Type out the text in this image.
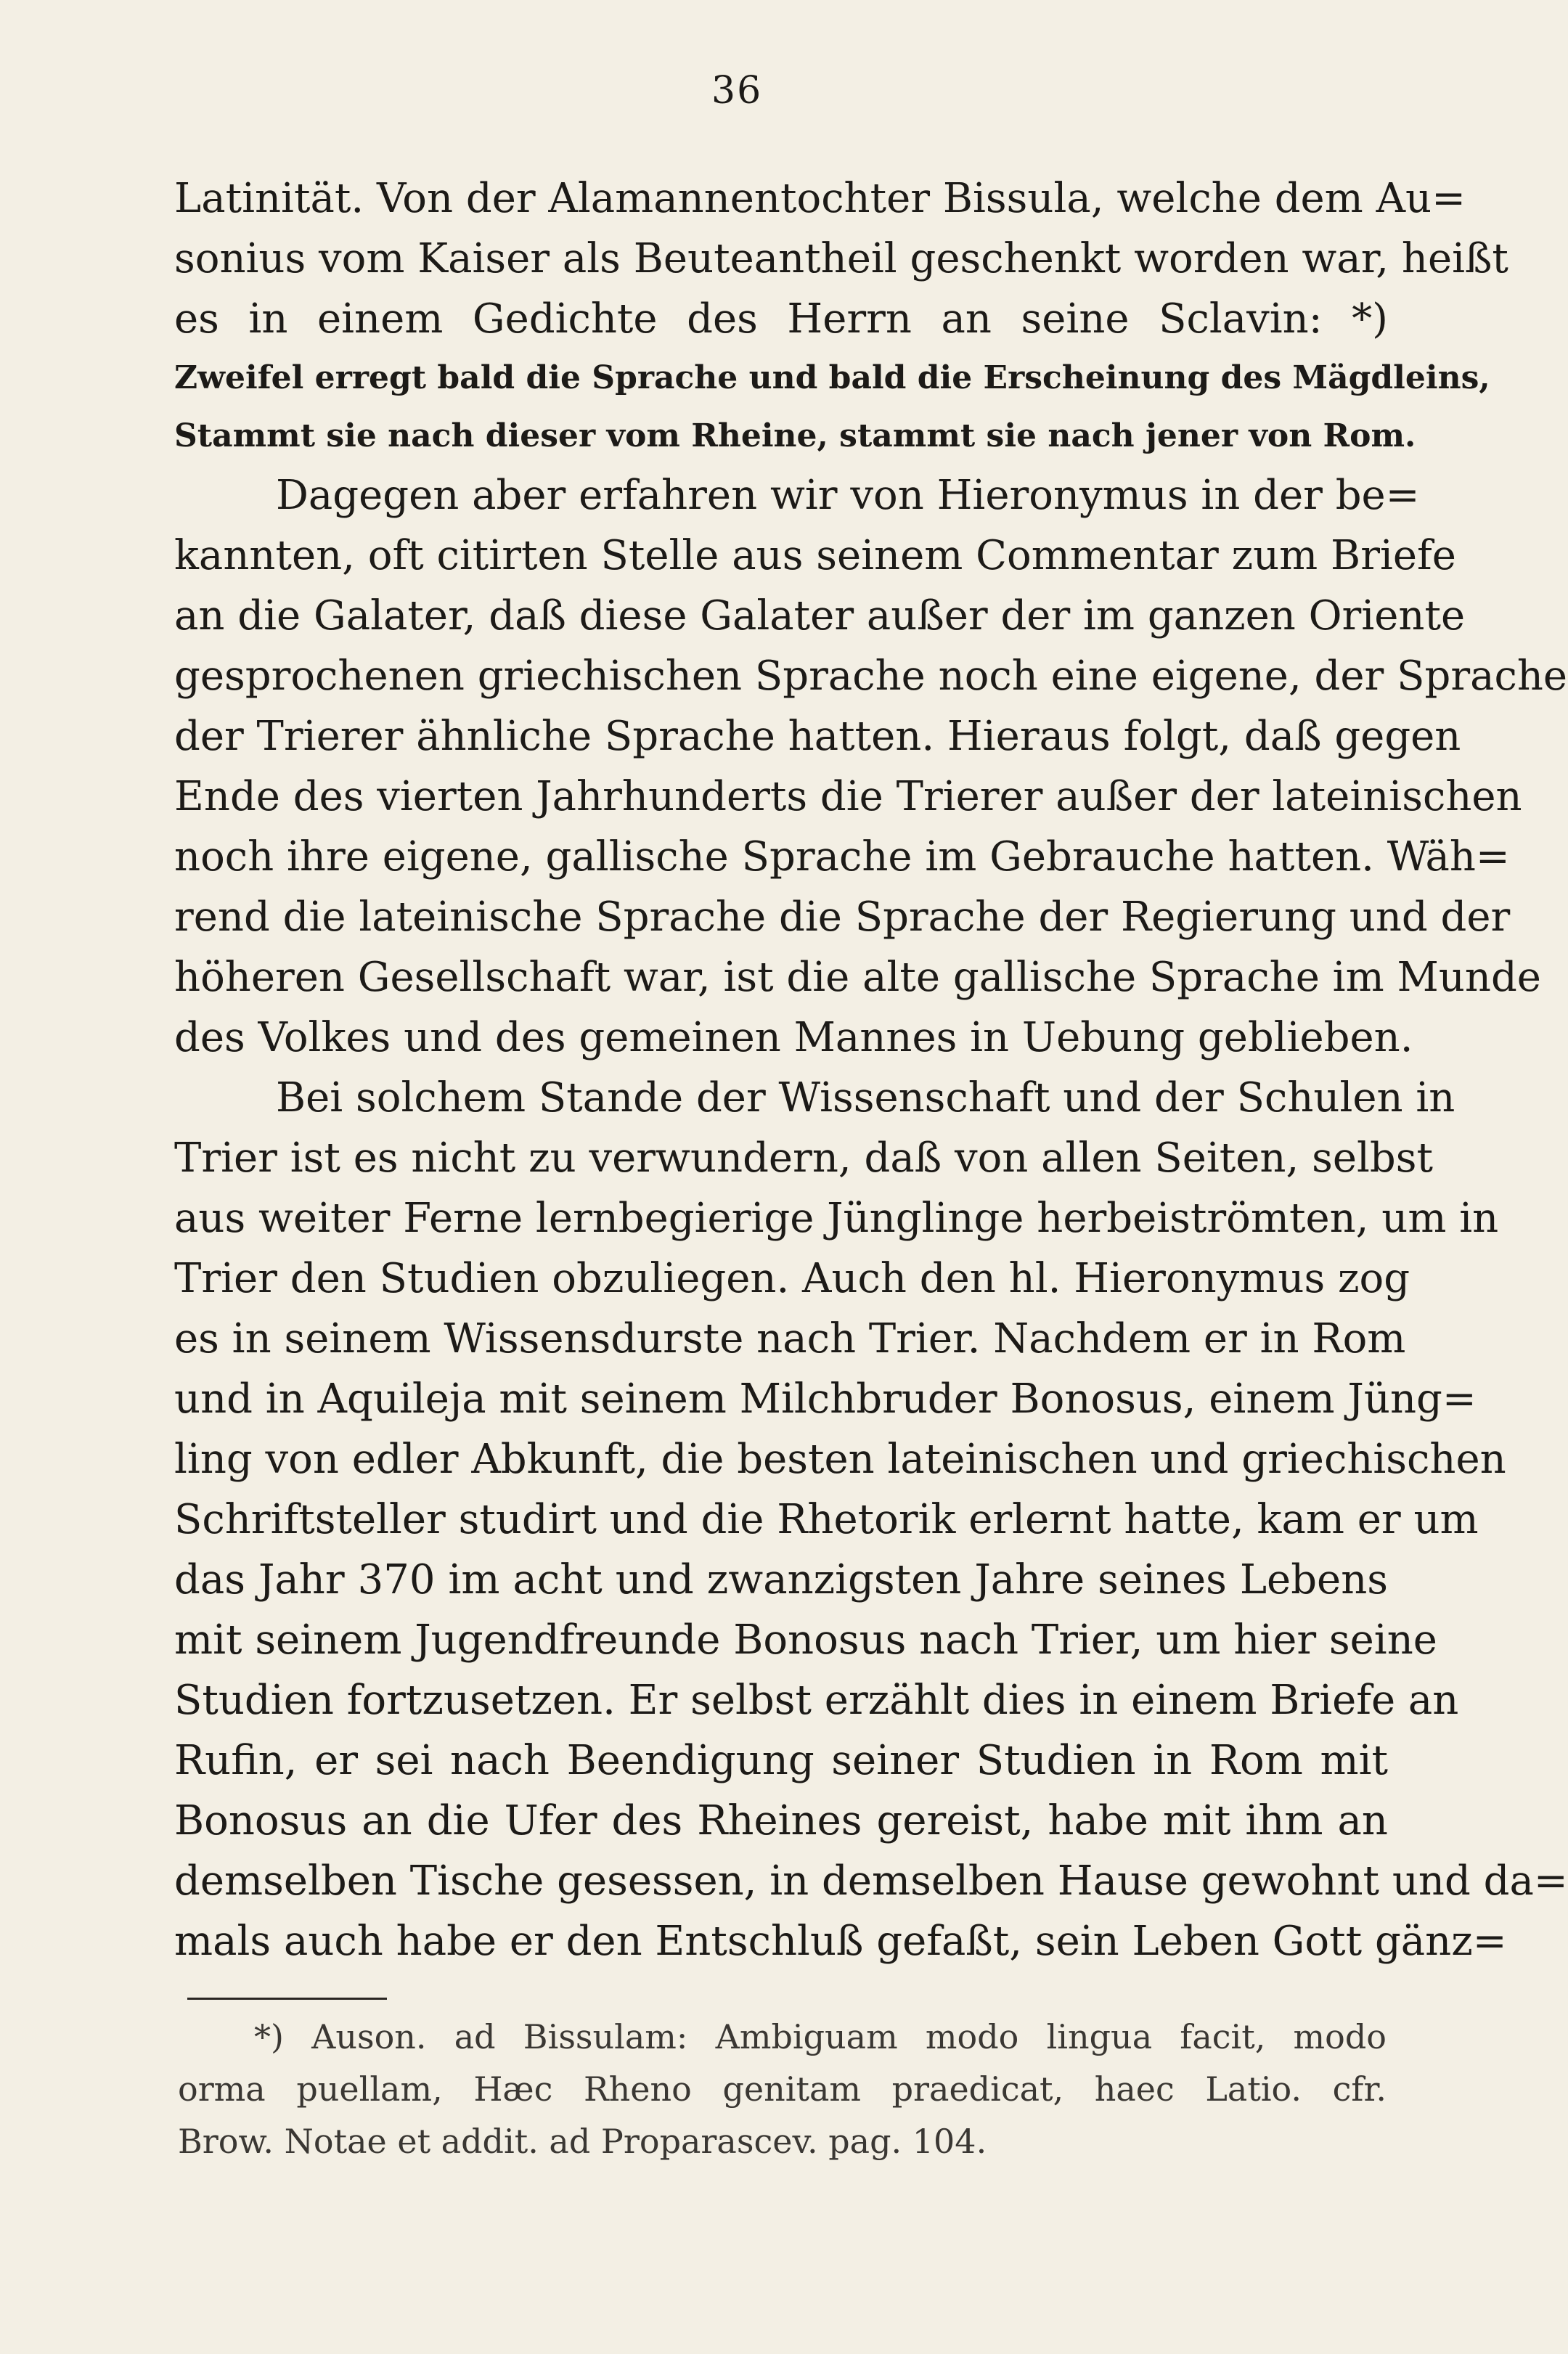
36
Latinität. Von der Alamannentochter Bissula, welche dem Au=
sonius vom Kaiser als Beuteantheil geschenkt worden war, heißt
es in einem Gedichte des Herrn an seine Sclavin: *)
Zweifel erregt bald die Sprache und bald die Erscheinung des Mägdleins,
Stammt sie nach dieser vom Rheine, stammt sie nach jener von Rom.
Dagegen aber erfahren wir von Hieronymus in der be=
kannten, oft citirten Stelle aus seinem Commentar zum Briefe
an die Galater, daß diese Galater außer der im ganzen Oriente
gesprochenen griechischen Sprache noch eine eigene, der Sprache
der Trierer ähnliche Sprache hatten. Hieraus folgt, daß gegen
Ende des vierten Jahrhunderts die Trierer außer der lateinischen
noch ihre eigene, gallische Sprache im Gebrauche hatten. Wäh=
rend die lateinische Sprache die Sprache der Regierung und der
höheren Gesellschaft war, ist die alte gallische Sprache im Munde
des Volkes und des gemeinen Mannes in Uebung geblieben.
Bei solchem Stande der Wissenschaft und der Schulen in
Trier ist es nicht zu verwundern, daß von allen Seiten, selbst
aus weiter Ferne lernbegierige Jünglinge herbeiströmten, um in
Trier den Studien obzuliegen. Auch den hl. Hieronymus zog
es in seinem Wissensdurste nach Trier. Nachdem er in Rom
und in Aquileja mit seinem Milchbruder Bonosus, einem Jüng=
ling von edler Abkunft, die besten lateinischen und griechischen
Schriftsteller studirt und die Rhetorik erlernt hatte, kam er um
das Jahr 370 im acht und zwanzigsten Jahre seines Lebens
mit seinem Jugendfreunde Bonosus nach Trier, um hier seine
Studien fortzusetzen. Er selbst erzählt dies in einem Briefe an
Rufin, er sei nach Beendigung seiner Studien in Rom mit
Bonosus an die Ufer des Rheines gereist, habe mit ihm an
demselben Tische gesessen, in demselben Hause gewohnt und da=
mals auch habe er den Entschluß gefaßt, sein Leben Gott gänz=
*) Auson. ad Bissulam: Ambiguam modo lingua facit, modo
orma puellam, Hæc Rheno genitam praedicat, haec Latio. cfr.
Brow. Notae et addit. ad Proparascev. pag. 104.
